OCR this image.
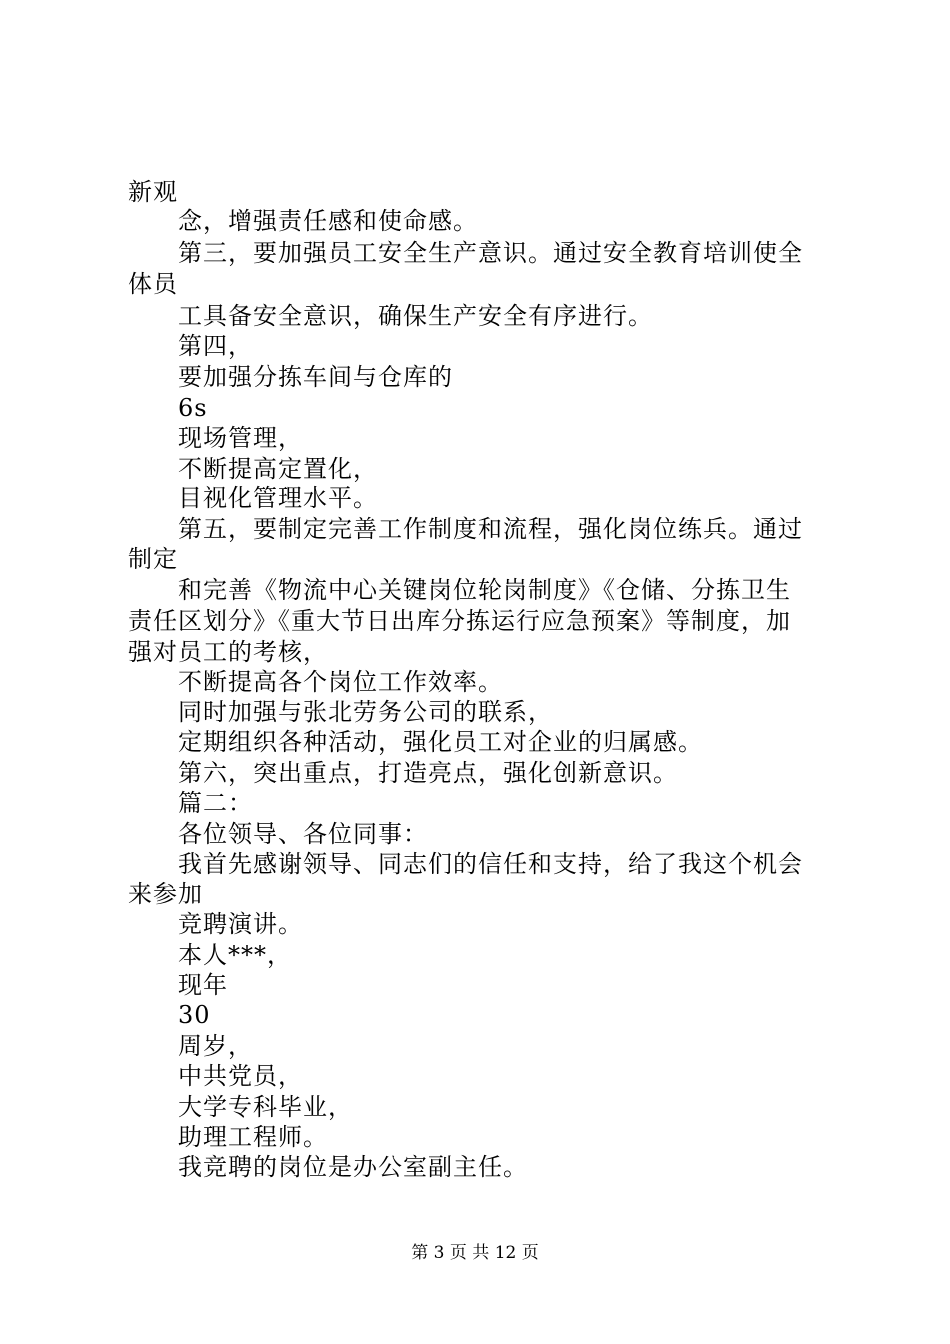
新观
念，增强责任感和使命感。
第三，要加强员工安全生产意识。通过安全教育培训使全
体员
工具备安全意识，确保生产安全有序进行。
第四，
要加强分拣车间与仓库的
6s
现场管理，
不断提高定置化，
目视化管理水平。
第五，要制定完善工作制度和流程，强化岗位练兵。通过
制定
和完善《物流中心关键岗位轮岗制度》《仓储、分拣卫生
责任区划分》《重大节日出库分拣运行应急预案》等制度，加
强对员工的考核，
不断提高各个岗位工作效率。
同时加强与张北劳务公司的联系，
定期组织各种活动，强化员工对企业的归属感。
第六，突出重点，打造亮点，强化创新意识。
篇二：
各位领导、各位同事：
我首先感谢领导、同志们的信任和支持，给了我这个机会
来参加
竞聘演讲。
本人***，
现年
30
周岁，
中共党员，
大学专科毕业，
助理工程师。
我竞聘的岗位是办公室副主任。
第 3 页 共 12 页
